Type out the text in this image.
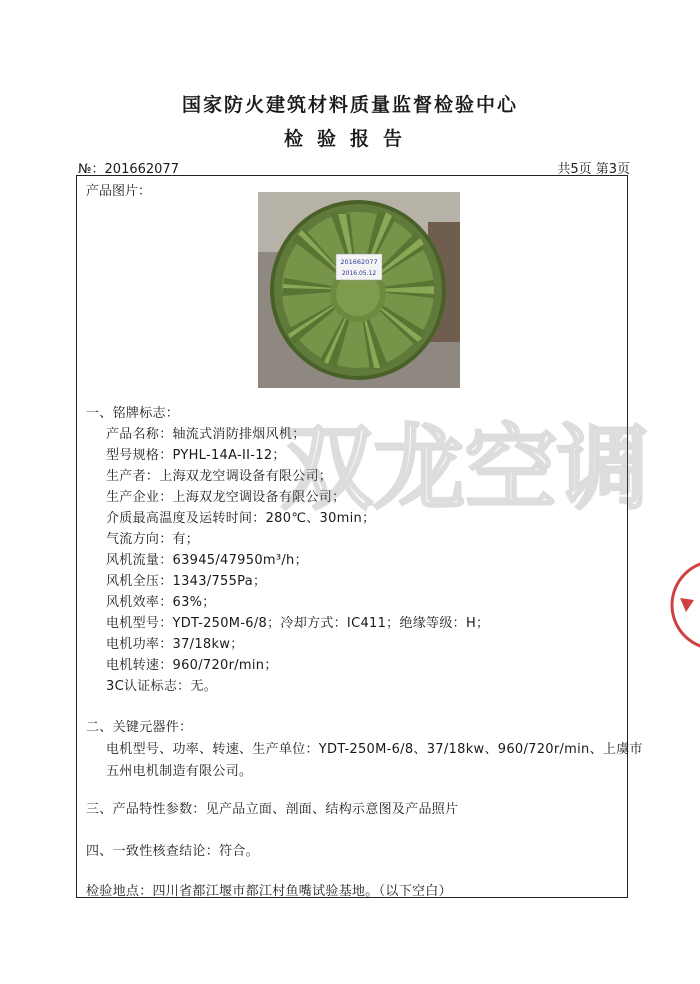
国家防火建筑材料质量监督检验中心
检验报告
№：201662077	共5页 第3页
产品图片：
201662077
2016.05.12
一、铭牌标志：
产品名称：轴流式消防排烟风机；
型号规格：PYHL-14A-II-12；
生产者：上海双龙空调设备有限公司；
生产企业：上海双龙空调设备有限公司；
介质最高温度及运转时间：280℃、30min；
气流方向：有；
风机流量：63945/47950m³/h；
风机全压：1343/755Pa；
风机效率：63%；
电机型号：YDT-250M-6/8；冷却方式：IC411；绝缘等级：H；
电机功率：37/18kw；
电机转速：960/720r/min；
3C认证标志：无。
二、关键元器件：
电机型号、功率、转速、生产单位：YDT-250M-6/8、37/18kw、960/720r/min、上虞市
五州电机制造有限公司。
三、产品特性参数：见产品立面、剖面、结构示意图及产品照片
四、一致性核查结论：符合。
检验地点：四川省都江堰市都江村鱼嘴试验基地。（以下空白）
双龙空调
